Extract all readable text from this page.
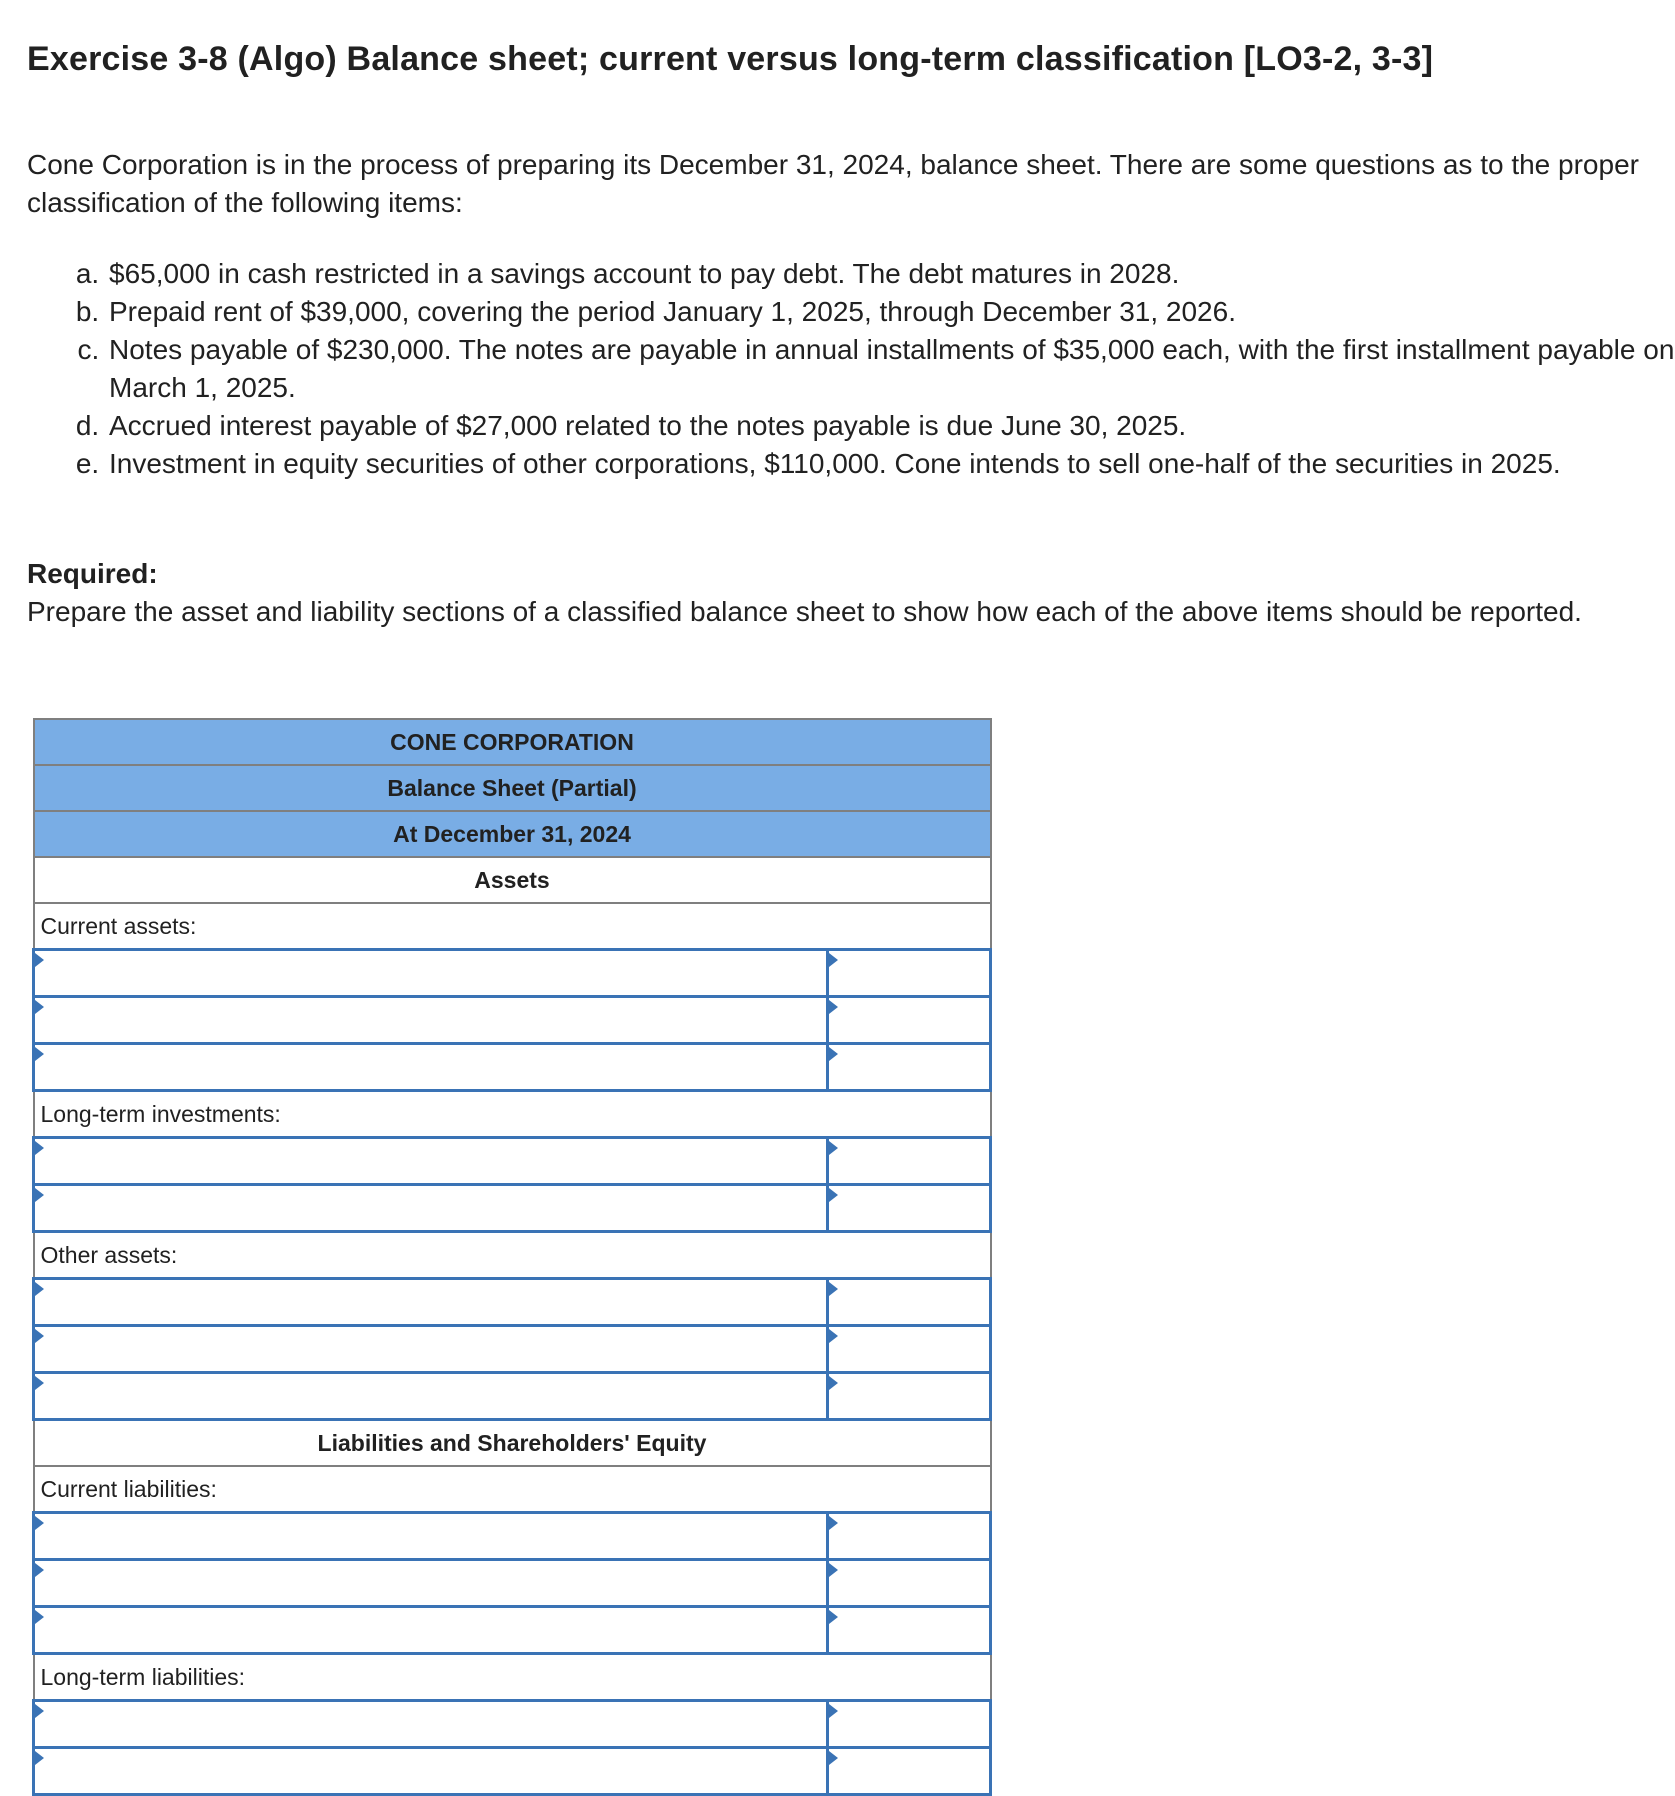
Exercise 3-8 (Algo) Balance sheet; current versus long-term classification [LO3-2, 3-3]

Cone Corporation is in the process of preparing its December 31, 2024, balance sheet. There are some questions as to the proper classification of the following items:

a. $65,000 in cash restricted in a savings account to pay debt. The debt matures in 2028.
b. Prepaid rent of $39,000, covering the period January 1, 2025, through December 31, 2026.
c. Notes payable of $230,000. The notes are payable in annual installments of $35,000 each, with the first installment payable on March 1, 2025.
d. Accrued interest payable of $27,000 related to the notes payable is due June 30, 2025.
e. Investment in equity securities of other corporations, $110,000. Cone intends to sell one-half of the securities in 2025.
Required:
Prepare the asset and liability sections of a classified balance sheet to show how each of the above items should be reported.
CONE CORPORATION	
Balance Sheet (Partial)	
At December 31, 2024	
Assets	
Current assets:	

Long-term investments:	

Other assets:	

Liabilities and Shareholders' Equity	
Current liabilities:	

Long-term liabilities:	
